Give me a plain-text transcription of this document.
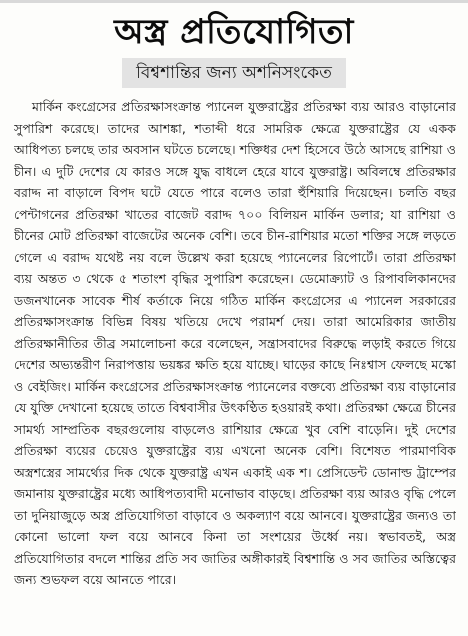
অস্ত্র প্রতিযোগিতা
বিশ্বশান্তির জন্য অশনিসংকেত

মার্কিন কংগ্রেসের প্রতিরক্ষাসংক্রান্ত প্যানেল যুক্তরাষ্ট্রের প্রতিরক্ষা ব্যয় আরও বাড়ানোর সুপারিশ করেছে। তাদের আশঙ্কা, শতাব্দী ধরে সামরিক ক্ষেত্রে যুক্তরাষ্ট্রের যে একক আধিপত্য চলছে তার অবসান ঘটতে চলেছে। শক্তিধর দেশ হিসেবে উঠে আসছে রাশিয়া ও চীন। এ দুটি দেশের যে কারও সঙ্গে যুদ্ধ বাধলে হেরে যাবে যুক্তরাষ্ট্র। অবিলম্বে প্রতিরক্ষার বরাদ্দ না বাড়ালে বিপদ ঘটে যেতে পারে বলেও তারা হুঁশিয়ারি দিয়েছেন। চলতি বছর পেন্টাগনের প্রতিরক্ষা খাতের বাজেট বরাদ্দ ৭০০ বিলিয়ন মার্কিন ডলার; যা রাশিয়া ও চীনের মোট প্রতিরক্ষা বাজেটের অনেক বেশি। তবে চীন-রাশিয়ার মতো শক্তির সঙ্গে লড়তে গেলে এ বরাদ্দ যথেষ্ট নয় বলে উল্লেখ করা হয়েছে প্যানেলের রিপোর্টে। তারা প্রতিরক্ষা ব্যয় অন্তত ৩ থেকে ৫ শতাংশ বৃদ্ধির সুপারিশ করেছেন। ডেমোক্র্যাট ও রিপাবলিকানদের ডজনখানেক সাবেক শীর্ষ কর্তাকে নিয়ে গঠিত মার্কিন কংগ্রেসের এ প্যানেল সরকারের প্রতিরক্ষাসংক্রান্ত বিভিন্ন বিষয় খতিয়ে দেখে পরামর্শ দেয়। তারা আমেরিকার জাতীয় প্রতিরক্ষানীতির তীব্র সমালোচনা করে বলেছেন, সন্ত্রাসবাদের বিরুদ্ধে লড়াই করতে গিয়ে দেশের অভ্যন্তরীণ নিরাপত্তায় ভয়ঙ্কর ক্ষতি হয়ে যাচ্ছে। ঘাড়ের কাছে নিঃশ্বাস ফেলছে মস্কো ও বেইজিং। মার্কিন কংগ্রেসের প্রতিরক্ষাসংক্রান্ত প্যানেলের বক্তব্যে প্রতিরক্ষা ব্যয় বাড়ানোর যে যুক্তি দেখানো হয়েছে তাতে বিশ্ববাসীর উৎকণ্ঠিত হওয়ারই কথা। প্রতিরক্ষা ক্ষেত্রে চীনের সামর্থ্য সাম্প্রতিক বছরগুলোয় বাড়লেও রাশিয়ার ক্ষেত্রে খুব বেশি বাড়েনি। দুই দেশের প্রতিরক্ষা ব্যয়ের চেয়েও যুক্তরাষ্ট্রের ব্যয় এখনো অনেক বেশি। বিশেষত পারমাণবিক অস্ত্রশস্ত্রের সামর্থ্যের দিক থেকে যুক্তরাষ্ট্র এখন একাই এক শ। প্রেসিডেন্ট ডোনাল্ড ট্রাম্পের জমানায় যুক্তরাষ্ট্রের মধ্যে আধিপত্যবাদী মনোভাব বাড়ছে। প্রতিরক্ষা ব্যয় আরও বৃদ্ধি পেলে তা দুনিয়াজুড়ে অস্ত্র প্রতিযোগিতা বাড়াবে ও অকল্যাণ বয়ে আনবে। যুক্তরাষ্ট্রের জন্যও তা কোনো ভালো ফল বয়ে আনবে কিনা তা সংশয়ের উর্ধ্বে নয়। স্বভাবতই, অস্ত্র প্রতিযোগিতার বদলে শান্তির প্রতি সব জাতির অঙ্গীকারই বিশ্বশান্তি ও সব জাতির অস্তিত্বের জন্য শুভফল বয়ে আনতে পারে।
